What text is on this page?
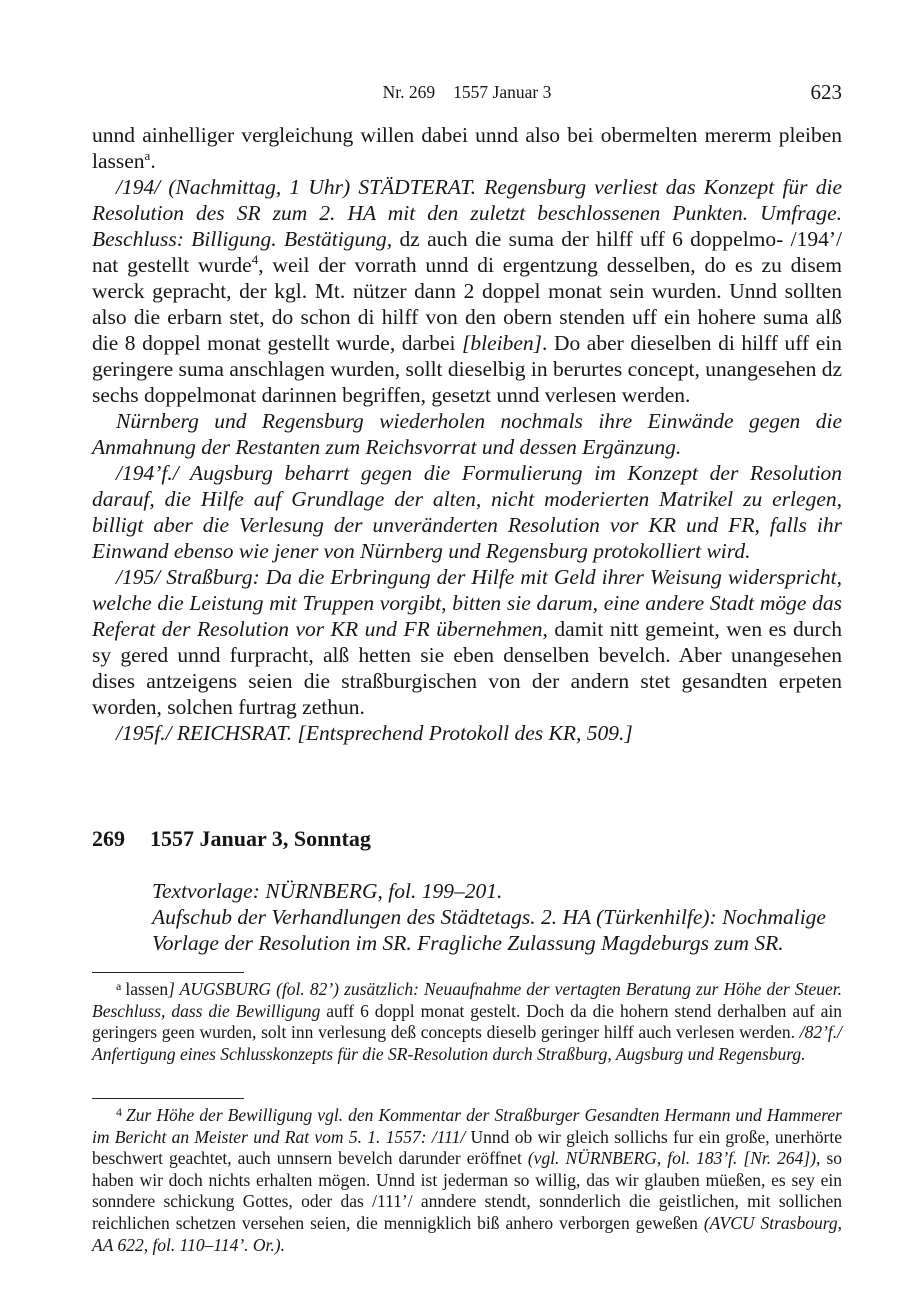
Nr. 269 1557 Januar 3	623

unnd ainhelliger vergleichung willen dabei unnd also bei obermelten mererm pleiben lassen$^a$.

/194/ (Nachmittag, 1 Uhr) STÄDTERAT. Regensburg verliest das Konzept für die Resolution des SR zum 2. HA mit den zuletzt beschlossenen Punkten. Umfrage. Beschluss: Billigung. Bestätigung, dz auch die suma der hilff uff 6 doppelmo- /194’/ nat gestellt wurde$^4$, weil der vorrath unnd di ergentzung desselben, do es zu disem werck gepracht, der kgl. Mt. nützer dann 2 doppel monat sein wurden. Unnd sollten also die erbarn stet, do schon di hilff von den obern stenden uff ein hohere suma alß die 8 doppel monat gestellt wurde, darbei [bleiben]. Do aber dieselben di hilff uff ein geringere suma anschlagen wurden, sollt dieselbig in berurtes concept, unangesehen dz sechs doppelmonat darinnen begriffen, gesetzt unnd verlesen werden.

Nürnberg und Regensburg wiederholen nochmals ihre Einwände gegen die Anmahnung der Restanten zum Reichsvorrat und dessen Ergänzung.

/194’f./ Augsburg beharrt gegen die Formulierung im Konzept der Resolution darauf, die Hilfe auf Grundlage der alten, nicht moderierten Matrikel zu erlegen, billigt aber die Verlesung der unveränderten Resolution vor KR und FR, falls ihr Einwand ebenso wie jener von Nürnberg und Regensburg protokolliert wird.

/195/ Straßburg: Da die Erbringung der Hilfe mit Geld ihrer Weisung widerspricht, welche die Leistung mit Truppen vorgibt, bitten sie darum, eine andere Stadt möge das Referat der Resolution vor KR und FR übernehmen, damit nitt gemeint, wen es durch sy gered unnd furpracht, alß hetten sie eben denselben bevelch. Aber unangesehen dises antzeigens seien die straßburgischen von der andern stet gesandten erpeten worden, solchen furtrag zethun.

/195f./ REICHSRAT. [Entsprechend Protokoll des KR, 509.]

269 1557 Januar 3, Sonntag

Textvorlage: NÜRNBERG, fol. 199–201.

Aufschub der Verhandlungen des Städtetags. 2. HA (Türkenhilfe): Nochmalige Vorlage der Resolution im SR. Fragliche Zulassung Magdeburgs zum SR.

$^a$ lassen] AUGSBURG (fol. 82’) zusätzlich: Neuaufnahme der vertagten Beratung zur Höhe der Steuer. Beschluss, dass die Bewilligung auff 6 doppl monat gestelt. Doch da die hohern stend derhalben auf ain geringers geen wurden, solt inn verlesung deß concepts dieselb geringer hilff auch verlesen werden. /82’f./ Anfertigung eines Schlusskonzepts für die SR-Resolution durch Straßburg, Augsburg und Regensburg.

$^4$ Zur Höhe der Bewilligung vgl. den Kommentar der Straßburger Gesandten Hermann und Hammerer im Bericht an Meister und Rat vom 5. 1. 1557: /111/ Unnd ob wir gleich sollichs fur ein große, unerhörte beschwert geachtet, auch unnsern bevelch darunder eröffnet (vgl. NÜRNBERG, fol. 183’f. [Nr. 264]), so haben wir doch nichts erhalten mögen. Unnd ist jederman so willig, das wir glauben müeßen, es sey ein sonndere schickung Gottes, oder das /111’/ anndere stendt, sonnderlich die geistlichen, mit sollichen reichlichen schetzen versehen seien, die mennigklich biß anhero verborgen geweßen (AVCU Strasbourg, AA 622, fol. 110–114’. Or.).
